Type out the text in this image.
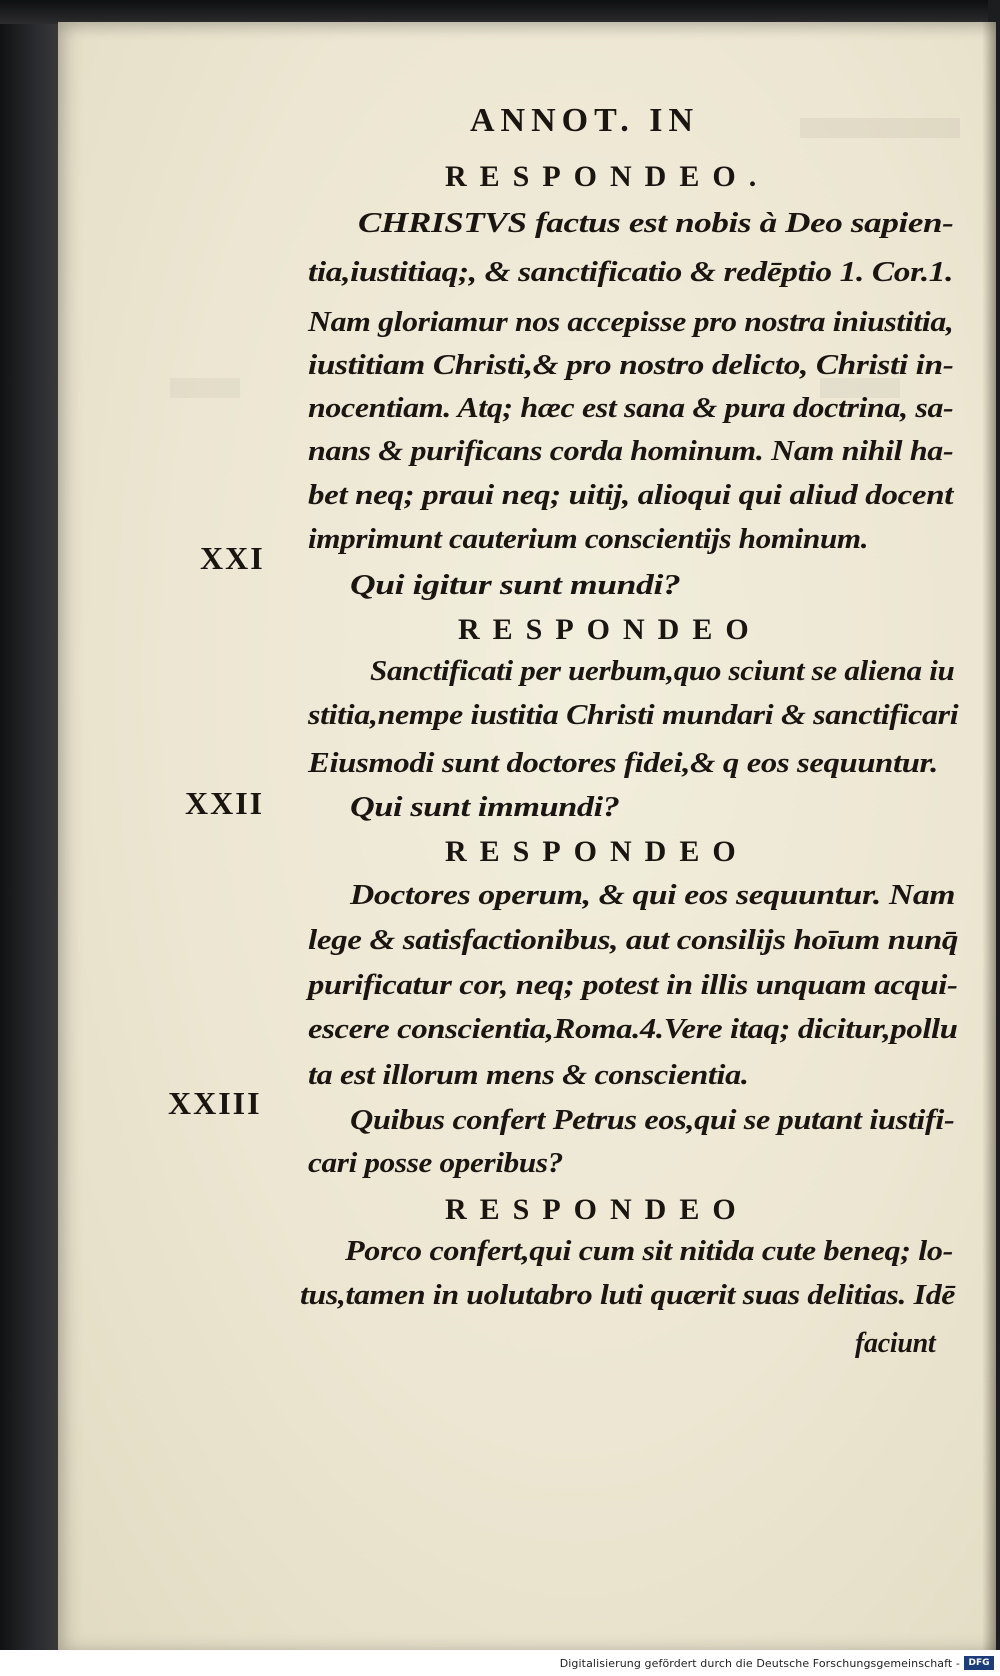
ANNOT. IN
RESPONDEO.
CHRISTVS factus est nobis à Deo sapien-
tia,iustitiaq;, & sanctificatio & redēptio 1. Cor.1.
Nam gloriamur nos accepisse pro nostra iniustitia,
iustitiam Christi,& pro nostro delicto, Christi in-
nocentiam. Atq; hæc est sana & pura doctrina, sa-
nans & purificans corda hominum. Nam nihil ha-
bet neq; praui neq; uitij, alioqui qui aliud docent
imprimunt cauterium conscientijs hominum.
Qui igitur sunt mundi?
RESPONDEO
Sanctificati per uerbum,quo sciunt se aliena iu
stitia,nempe iustitia Christi mundari & sanctificari
Eiusmodi sunt doctores fidei,& q eos sequuntur.
Qui sunt immundi?
RESPONDEO
Doctores operum, & qui eos sequuntur. Nam
lege & satisfactionibus, aut consilijs hoīum nunq̄
purificatur cor, neq; potest in illis unquam acqui-
escere conscientia,Roma.4.Vere itaq; dicitur,pollu
ta est illorum mens & conscientia.
Quibus confert Petrus eos,qui se putant iustifi-
cari posse operibus?
RESPONDEO
Porco confert,qui cum sit nitida cute beneq; lo-
tus,tamen in uolutabro luti quærit suas delitias. Idē
faciunt
XXI
XXII
XXIII
Digitalisierung gefördert durch die Deutsche Forschungsgemeinschaft - DFG
